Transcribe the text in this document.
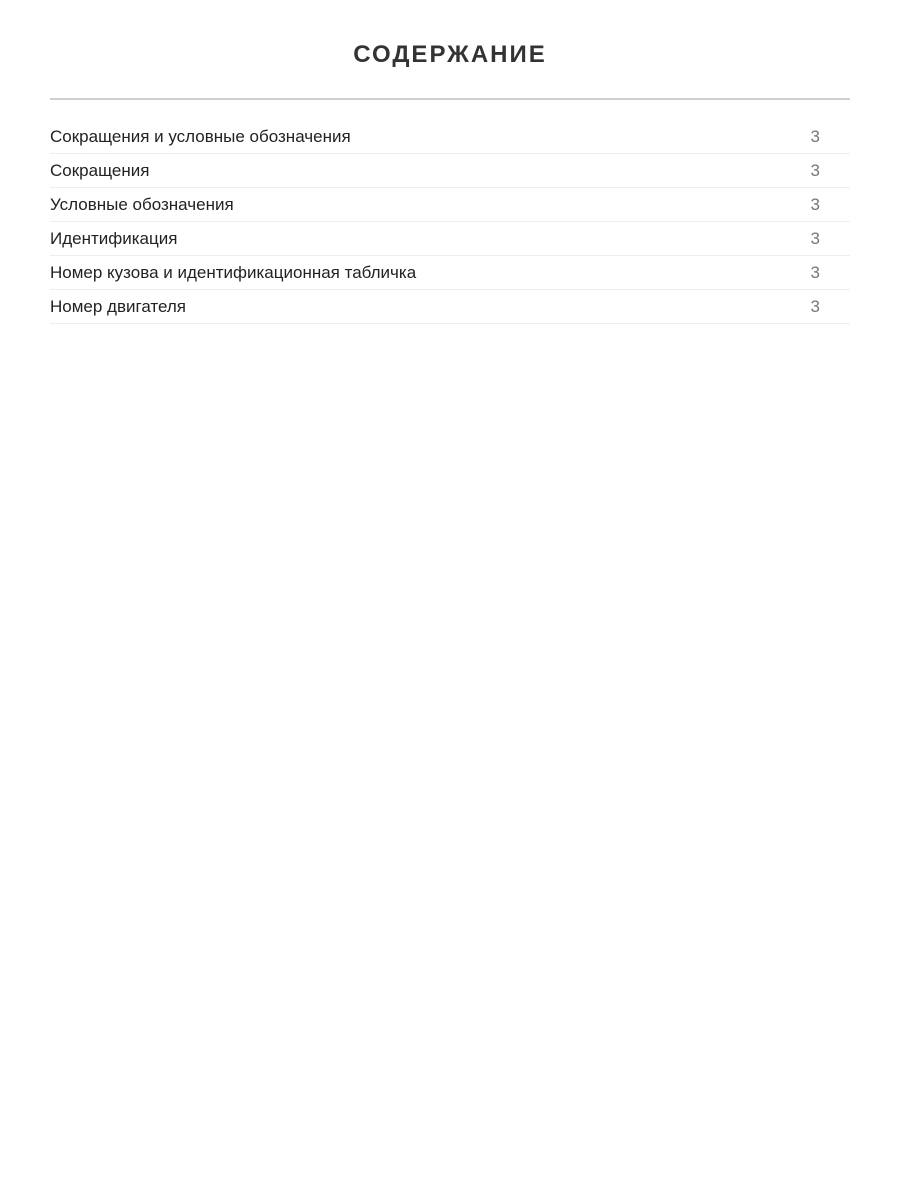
СОДЕРЖАНИЕ
Сокращения и условные обозначения	3
Сокращения	3
Условные обозначения	3
Идентификация	3
Номер кузова и идентификационная табличка	3
Номер двигателя	3
